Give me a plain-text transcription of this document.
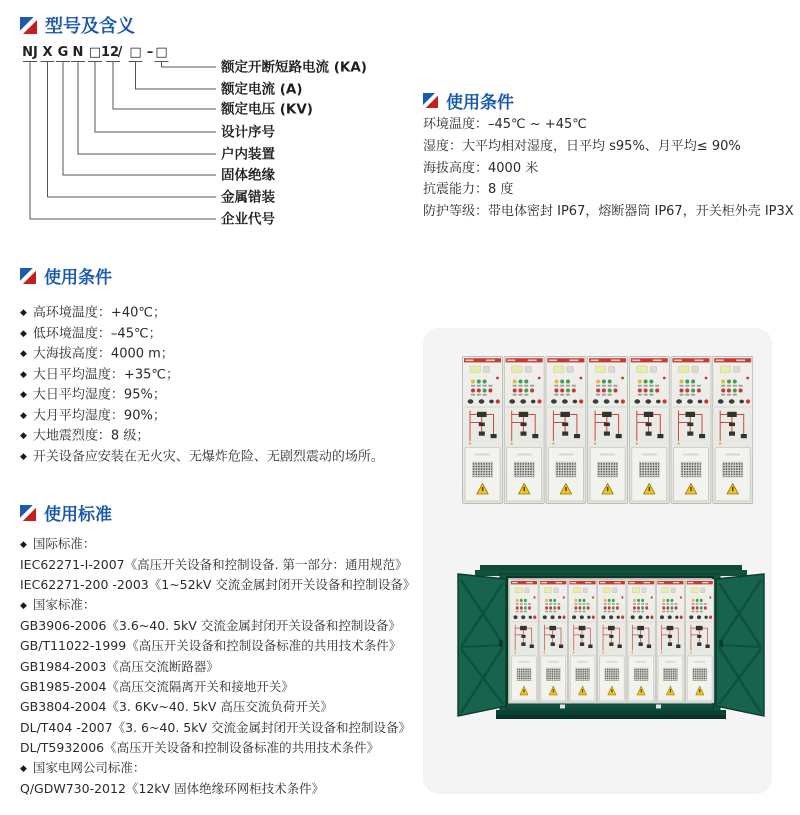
型号及含义
NJ X G N □ 12
/ □ – □
额定开断短路电流 (KA)
额定电流 (A)
额定电压 (KV)
设计序号
户内装置
固体绝缘
金属错装
企业代号
使用条件
环境温度：–45℃ ~ +45℃
湿度：大平均相对湿度，日平均 s95%、月平均≤ 90%
海拔高度：4000 米
抗震能力：8 度
防护等级：带电体密封 IP67，熔断器筒 IP67，开关柜外壳 IP3X
使用条件
◆ 高环境温度：+40℃；
◆ 低环境温度：–45℃；
◆ 大海拔高度：4000 m；
◆ 大日平均温度：+35℃；
◆ 大日平均湿度：95%；
◆ 大月平均湿度：90%；
◆ 大地震烈度：8 级；
◆ 开关设备应安装在无火灾、无爆炸危险、无剧烈震动的场所。
使用标准
◆ 国际标准：
IEC62271-I-2007《高压开关设备和控制设备. 第一部分：通用规范》
IEC62271-200 -2003《1~52kV 交流金属封闭开关设备和控制设备》
◆ 国家标准：
GB3906-2006《3.6~40. 5kV 交流金属封闭开关设备和控制设备》
GB/T11022-1999《高压开关设备和控制设备标准的共用技术条件》
GB1984-2003《高压交流断路器》
GB1985-2004《高压交流隔离开关和接地开关》
GB3804-2004《3. 6Kv~40. 5kV 高压交流负荷开关》
DL/T404 -2007《3. 6~40. 5kV 交流金属封闭开关设备和控制设备》
DL/T5932006《高压开关设备和控制设备标准的共用技术条件》
◆ 国家电网公司标准：
Q/GDW730-2012《12kV 固体绝缘环网柜技术条件》
